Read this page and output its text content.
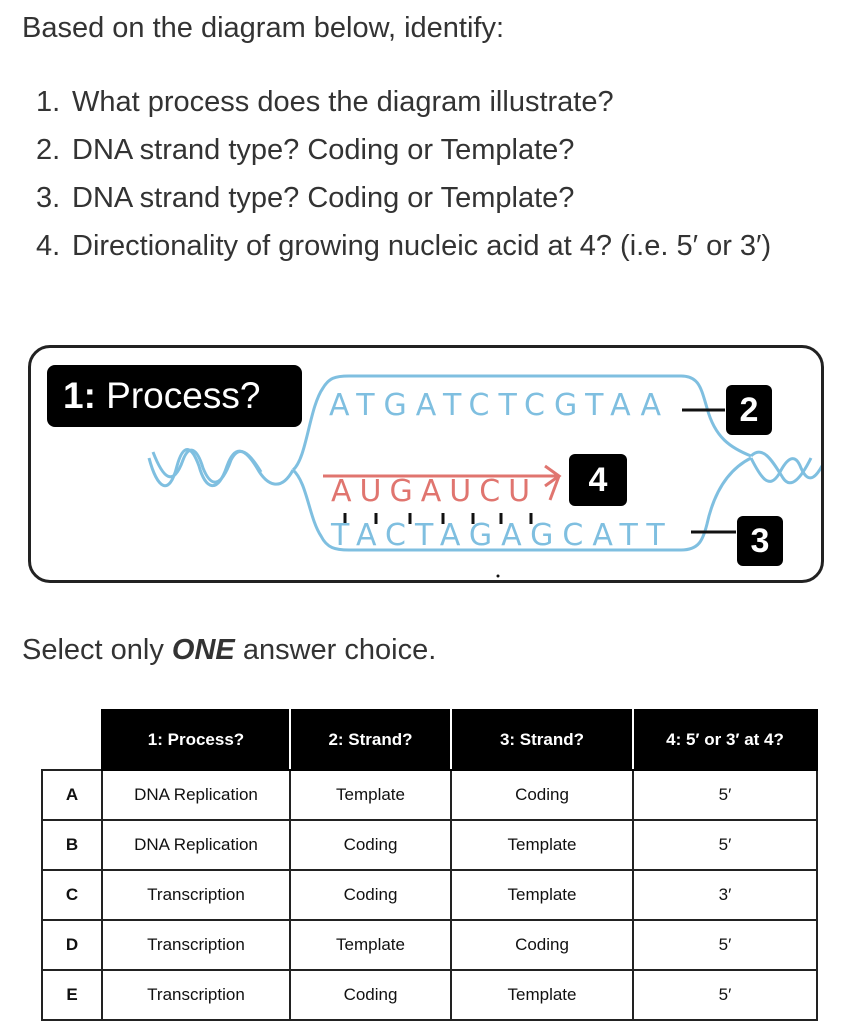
Based on the diagram below, identify:
1. What process does the diagram illustrate?
2. DNA strand type? Coding or Template?
3. DNA strand type? Coding or Template?
4. Directionality of growing nucleic acid at 4? (i.e. 5′ or 3′)
1: Process?	ATGATCTCGTAA
AUGAUCU
TACTAGAGCATT
2
3
4
Select only ONE answer choice.
	1: Process?	2: Strand?	3: Strand?	4: 5′ or 3′ at 4?
A	DNA Replication	Template	Coding	5′
B	DNA Replication	Coding	Template	5′
C	Transcription	Coding	Template	3′
D	Transcription	Template	Coding	5′
E	Transcription	Coding	Template	5′
